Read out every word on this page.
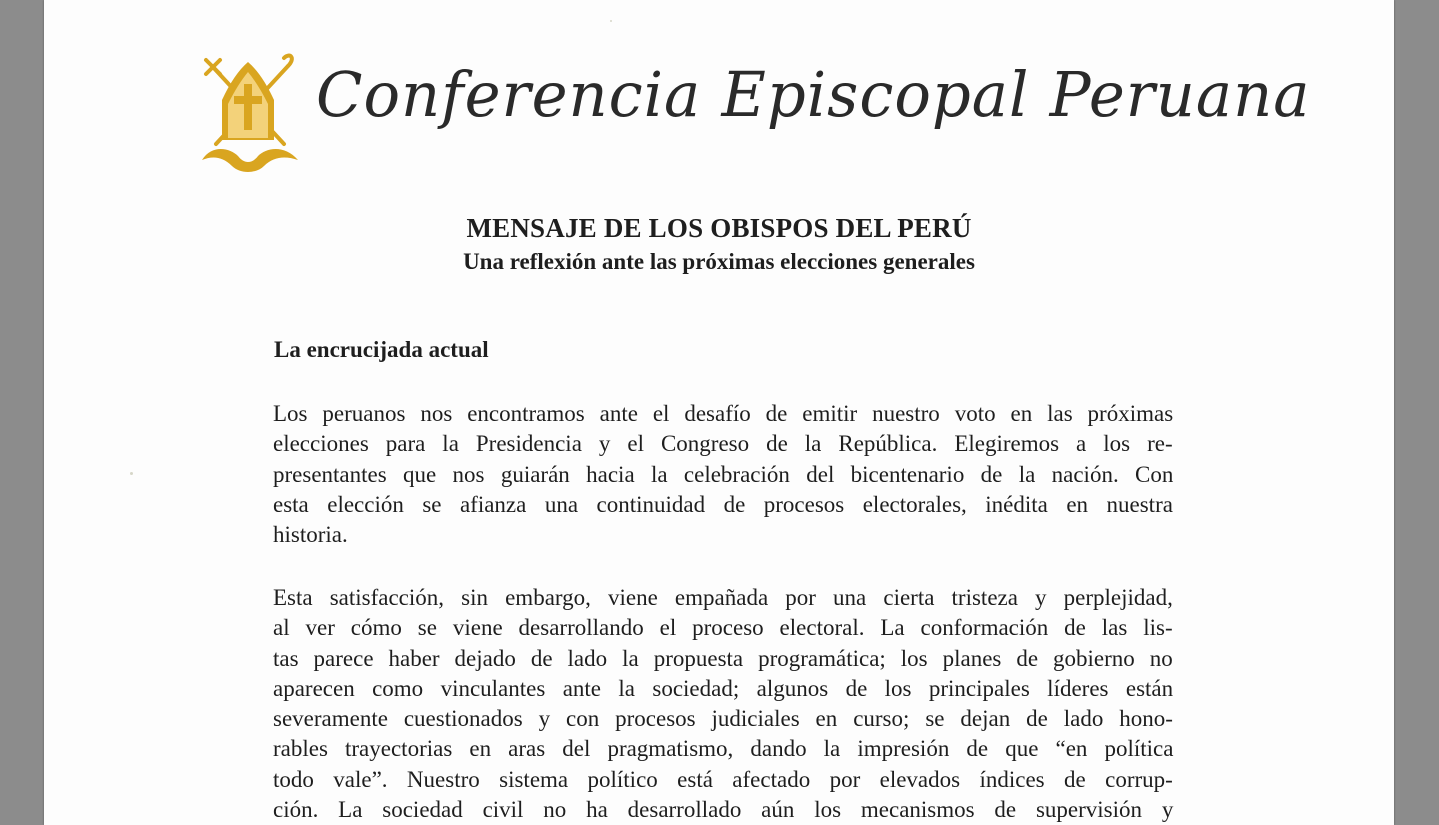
Conferencia Episcopal Peruana
MENSAJE DE LOS OBISPOS DEL PERÚ
Una reflexión ante las próximas elecciones generales
La encrucijada actual
Los peruanos nos encontramos ante el desafío de emitir nuestro voto en las próximas
elecciones para la Presidencia y el Congreso de la República. Elegiremos a los re-
presentantes que nos guiarán hacia la celebración del bicentenario de la nación. Con
esta elección se afianza una continuidad de procesos electorales, inédita en nuestra
historia.
Esta satisfacción, sin embargo, viene empañada por una cierta tristeza y perplejidad,
al ver cómo se viene desarrollando el proceso electoral. La conformación de las lis-
tas parece haber dejado de lado la propuesta programática; los planes de gobierno no
aparecen como vinculantes ante la sociedad; algunos de los principales líderes están
severamente cuestionados y con procesos judiciales en curso; se dejan de lado hono-
rables trayectorias en aras del pragmatismo, dando la impresión de que “en política
todo vale”. Nuestro sistema político está afectado por elevados índices de corrup-
ción. La sociedad civil no ha desarrollado aún los mecanismos de supervisión y
